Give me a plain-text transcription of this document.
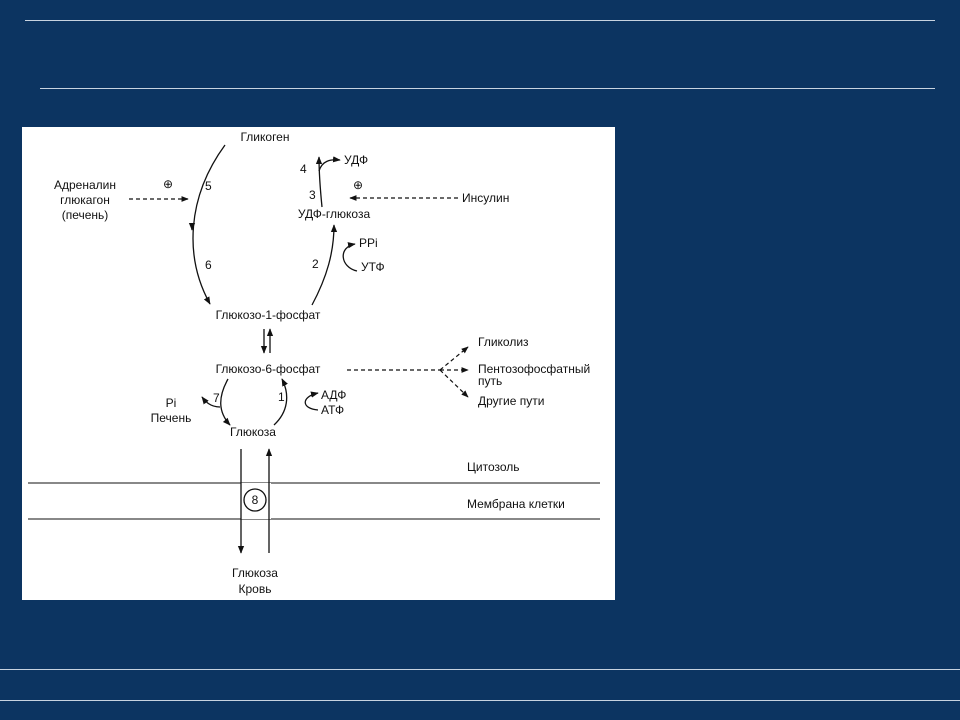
Гликоген
УДФ
Адреналин
глюкагон
(печень)
⊕	⊕
Инсулин
УДФ-глюкоза
PPi
УТФ
Глюкозо-1-фосфат
Глюкозо-6-фосфат
Гликолиз
Пентозофосфатный
путь
Другие пути
Pi
Печень
АДФ
АТФ
Глюкоза
Цитозоль
Мембрана клетки
Глюкоза
Кровь
5
6
4
3
2
7	1
8
